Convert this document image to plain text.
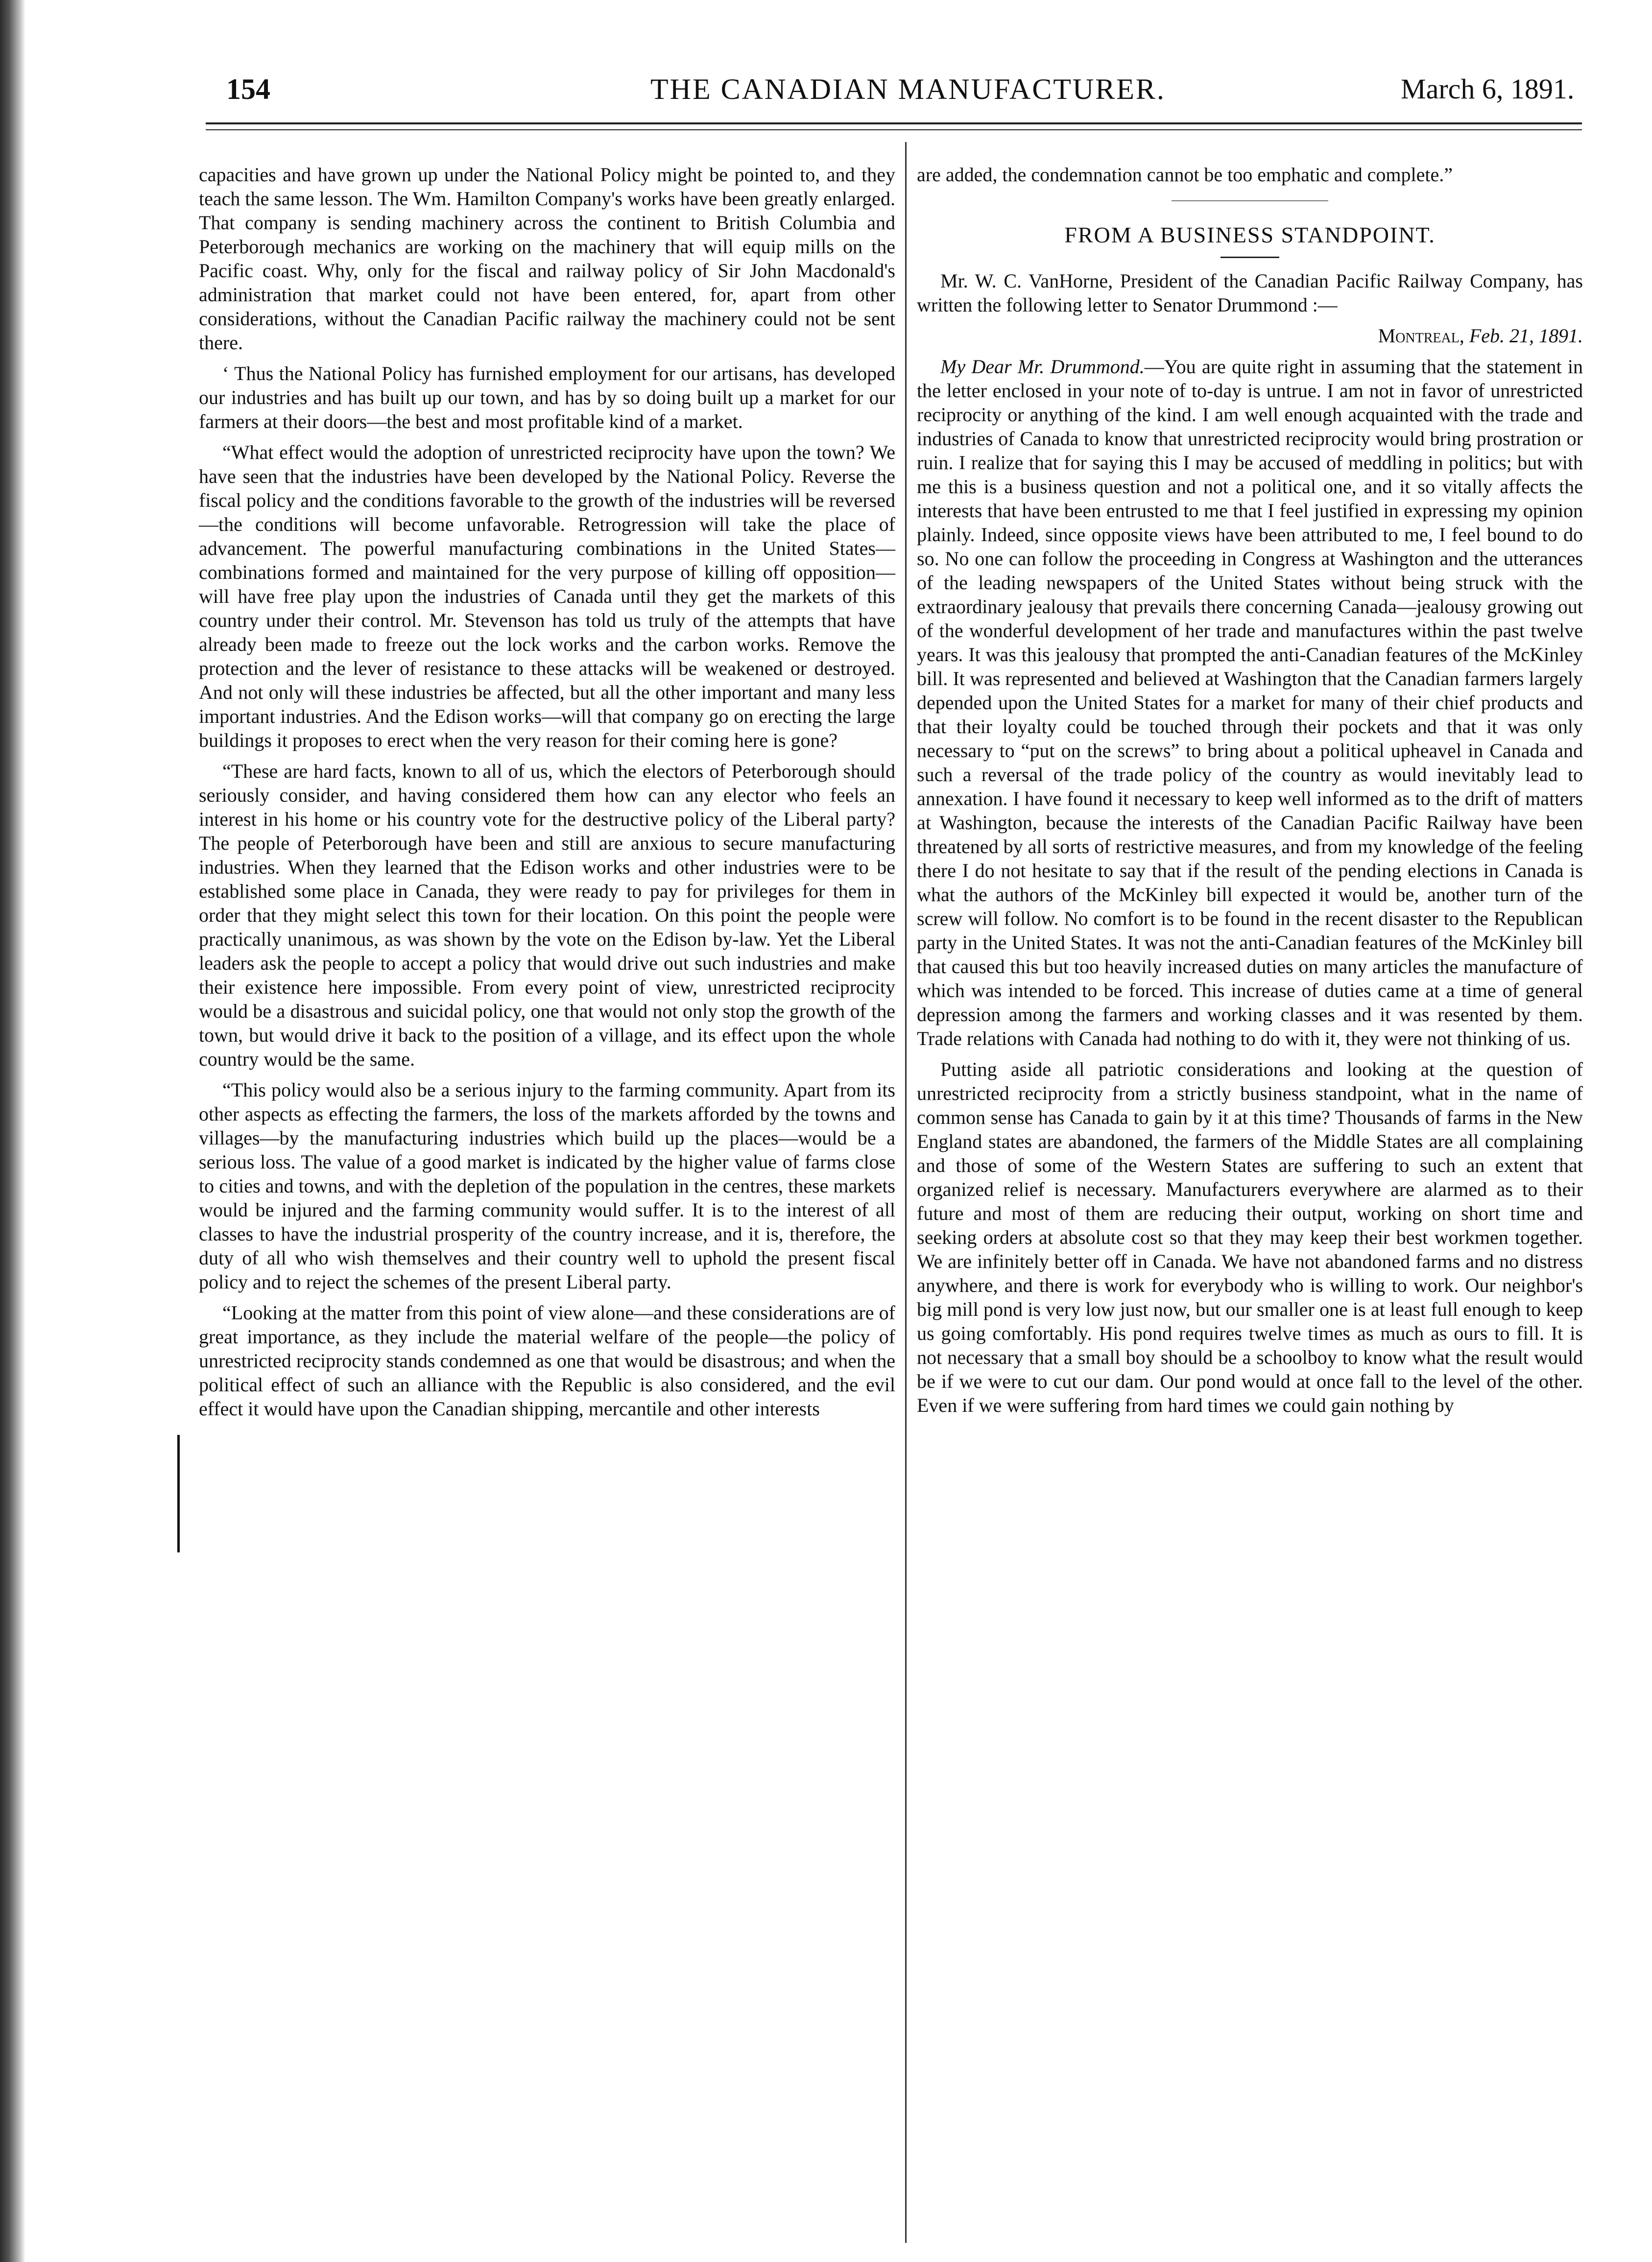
154	THE CANADIAN MANUFACTURER.	March 6, 1891.

capacities and have grown up under the National Policy might be pointed to, and they teach the same lesson. The Wm. Hamilton Company's works have been greatly enlarged. That company is sending machinery across the continent to British Columbia and Peterborough mechanics are working on the machinery that will equip mills on the Pacific coast. Why, only for the fiscal and railway policy of Sir John Macdonald's administration that market could not have been entered, for, apart from other considerations, without the Canadian Pacific railway the machinery could not be sent there.

‘ Thus the National Policy has furnished employment for our artisans, has developed our industries and has built up our town, and has by so doing built up a market for our farmers at their doors—the best and most profitable kind of a market.

“What effect would the adoption of unrestricted reciprocity have upon the town? We have seen that the industries have been developed by the National Policy. Reverse the fiscal policy and the conditions favorable to the growth of the industries will be reversed—the conditions will become unfavorable. Retrogression will take the place of advancement. The powerful manufacturing combinations in the United States—combinations formed and maintained for the very purpose of killing off opposition—will have free play upon the industries of Canada until they get the markets of this country under their control. Mr. Stevenson has told us truly of the attempts that have already been made to freeze out the lock works and the carbon works. Remove the protection and the lever of resistance to these attacks will be weakened or destroyed. And not only will these industries be affected, but all the other important and many less important industries. And the Edison works—will that company go on erecting the large buildings it proposes to erect when the very reason for their coming here is gone?

“These are hard facts, known to all of us, which the electors of Peterborough should seriously consider, and having considered them how can any elector who feels an interest in his home or his country vote for the destructive policy of the Liberal party? The people of Peterborough have been and still are anxious to secure manufacturing industries. When they learned that the Edison works and other industries were to be established some place in Canada, they were ready to pay for privileges for them in order that they might select this town for their location. On this point the people were practically unanimous, as was shown by the vote on the Edison by-law. Yet the Liberal leaders ask the people to accept a policy that would drive out such industries and make their existence here impossible. From every point of view, unrestricted reciprocity would be a disastrous and suicidal policy, one that would not only stop the growth of the town, but would drive it back to the position of a village, and its effect upon the whole country would be the same.

“This policy would also be a serious injury to the farming community. Apart from its other aspects as effecting the farmers, the loss of the markets afforded by the towns and villages—by the manufacturing industries which build up the places—would be a serious loss. The value of a good market is indicated by the higher value of farms close to cities and towns, and with the depletion of the population in the centres, these markets would be injured and the farming community would suffer. It is to the interest of all classes to have the industrial prosperity of the country increase, and it is, therefore, the duty of all who wish themselves and their country well to uphold the present fiscal policy and to reject the schemes of the present Liberal party.

“Looking at the matter from this point of view alone—and these considerations are of great importance, as they include the material welfare of the people—the policy of unrestricted reciprocity stands condemned as one that would be disastrous; and when the political effect of such an alliance with the Republic is also considered, and the evil effect it would have upon the Canadian shipping, mercantile and other interests

are added, the condemnation cannot be too emphatic and complete.”

FROM A BUSINESS STANDPOINT.

Mr. W. C. VanHorne, President of the Canadian Pacific Railway Company, has written the following letter to Senator Drummond :—

Montreal, Feb. 21, 1891.

My Dear Mr. Drummond.—You are quite right in assuming that the statement in the letter enclosed in your note of to-day is untrue. I am not in favor of unrestricted reciprocity or anything of the kind. I am well enough acquainted with the trade and industries of Canada to know that unrestricted reciprocity would bring prostration or ruin. I realize that for saying this I may be accused of meddling in politics; but with me this is a business question and not a political one, and it so vitally affects the interests that have been entrusted to me that I feel justified in expressing my opinion plainly. Indeed, since opposite views have been attributed to me, I feel bound to do so. No one can follow the proceeding in Congress at Washington and the utterances of the leading newspapers of the United States without being struck with the extraordinary jealousy that prevails there concerning Canada—jealousy growing out of the wonderful development of her trade and manufactures within the past twelve years. It was this jealousy that prompted the anti-Canadian features of the McKinley bill. It was represented and believed at Washington that the Canadian farmers largely depended upon the United States for a market for many of their chief products and that their loyalty could be touched through their pockets and that it was only necessary to “put on the screws” to bring about a political upheavel in Canada and such a reversal of the trade policy of the country as would inevitably lead to annexation. I have found it necessary to keep well informed as to the drift of matters at Washington, because the interests of the Canadian Pacific Railway have been threatened by all sorts of restrictive measures, and from my knowledge of the feeling there I do not hesitate to say that if the result of the pending elections in Canada is what the authors of the McKinley bill expected it would be, another turn of the screw will follow. No comfort is to be found in the recent disaster to the Republican party in the United States. It was not the anti-Canadian features of the McKinley bill that caused this but too heavily increased duties on many articles the manufacture of which was intended to be forced. This increase of duties came at a time of general depression among the farmers and working classes and it was resented by them. Trade relations with Canada had nothing to do with it, they were not thinking of us.

Putting aside all patriotic considerations and looking at the question of unrestricted reciprocity from a strictly business standpoint, what in the name of common sense has Canada to gain by it at this time? Thousands of farms in the New England states are abandoned, the farmers of the Middle States are all complaining and those of some of the Western States are suffering to such an extent that organized relief is necessary. Manufacturers everywhere are alarmed as to their future and most of them are reducing their output, working on short time and seeking orders at absolute cost so that they may keep their best workmen together. We are infinitely better off in Canada. We have not abandoned farms and no distress anywhere, and there is work for everybody who is willing to work. Our neighbor's big mill pond is very low just now, but our smaller one is at least full enough to keep us going comfortably. His pond requires twelve times as much as ours to fill. It is not necessary that a small boy should be a schoolboy to know what the result would be if we were to cut our dam. Our pond would at once fall to the level of the other. Even if we were suffering from hard times we could gain nothing by
